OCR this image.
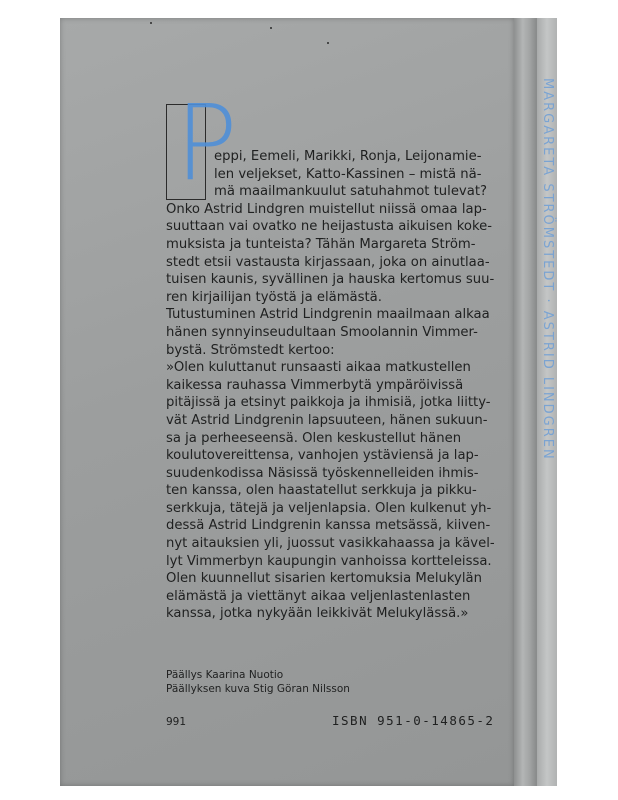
MARGARETA STRÖMSTEDT · ASTRID LINDGREN
P
eppi, Eemeli, Marikki, Ronja, Leijonamie-
len veljekset, Katto-Kassinen – mistä nä-
mä maailmankuulut satuhahmot tulevat?
Onko Astrid Lindgren muistellut niissä omaa lap-
suuttaan vai ovatko ne heijastusta aikuisen koke-
muksista ja tunteista? Tähän Margareta Ström-
stedt etsii vastausta kirjassaan, joka on ainutlaa-
tuisen kaunis, syvällinen ja hauska kertomus suu-
ren kirjailijan työstä ja elämästä.
Tutustuminen Astrid Lindgrenin maailmaan alkaa
hänen synnyinseudultaan Smoolannin Vimmer-
bystä. Strömstedt kertoo:
»Olen kuluttanut runsaasti aikaa matkustellen
kaikessa rauhassa Vimmerbytä ympäröivissä
pitäjissä ja etsinyt paikkoja ja ihmisiä, jotka liitty-
vät Astrid Lindgrenin lapsuuteen, hänen sukuun-
sa ja perheeseensä. Olen keskustellut hänen
koulutovereittensa, vanhojen ystäviensä ja lap-
suudenkodissa Näsissä työskennelleiden ihmis-
ten kanssa, olen haastatellut serkkuja ja pikku-
serkkuja, tätejä ja veljenlapsia. Olen kulkenut yh-
dessä Astrid Lindgrenin kanssa metsässä, kiiven-
nyt aitauksien yli, juossut vasikkahaassa ja kävel-
lyt Vimmerbyn kaupungin vanhoissa kortteleissa.
Olen kuunnellut sisarien kertomuksia Melukylän
elämästä ja viettänyt aikaa veljenlastenlasten
kanssa, jotka nykyään leikkivät Melukylässä.»
Päällys Kaarina Nuotio
Päällyksen kuva Stig Göran Nilsson
991	ISBN 951-0-14865-2
